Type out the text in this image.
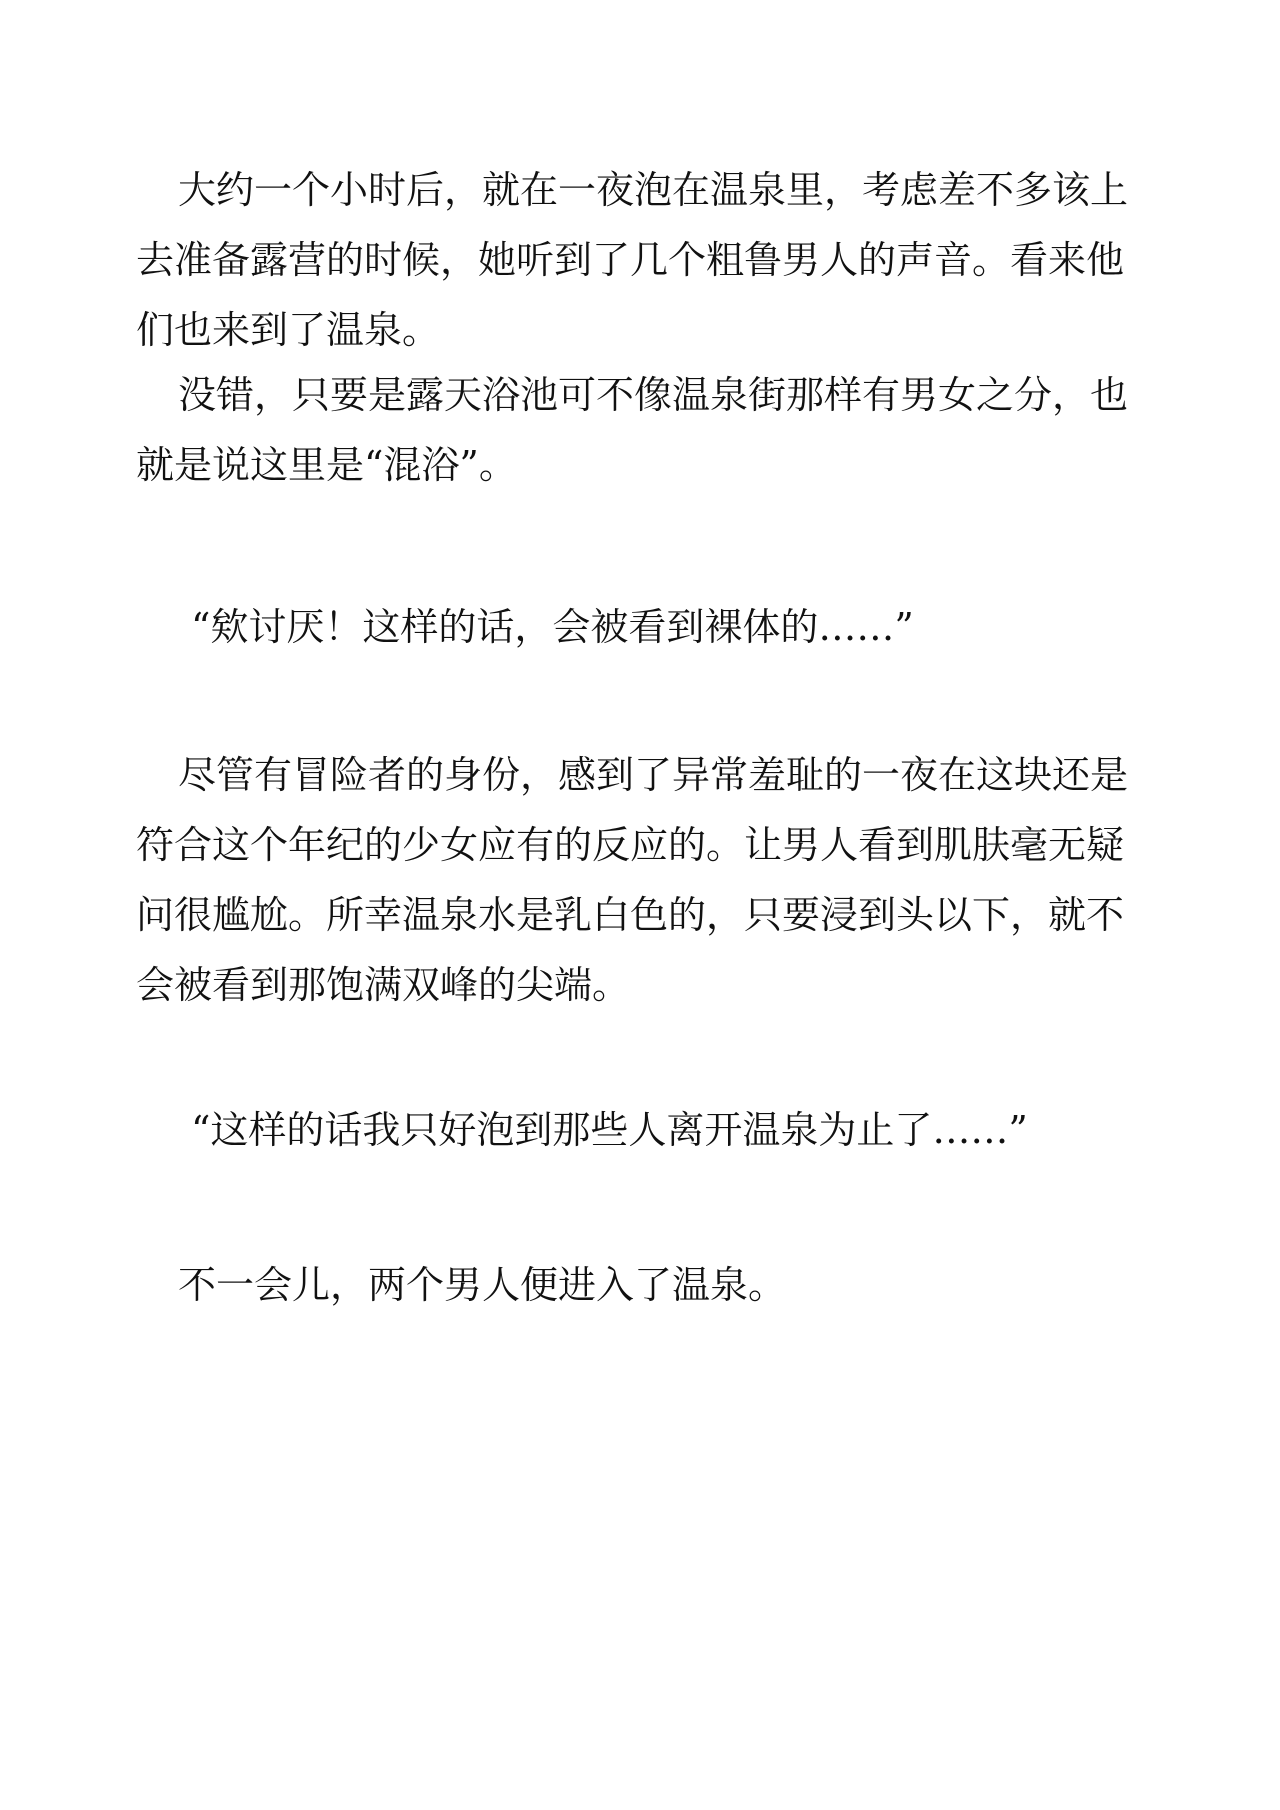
大约一个小时后，就在一夜泡在温泉里，考虑差不多该上去准备露营的时候，她听到了几个粗鲁男人的声音。看来他们也来到了温泉。

没错，只要是露天浴池可不像温泉街那样有男女之分，也就是说这里是“混浴”。

“欸讨厌！这样的话，会被看到裸体的……”

尽管有冒险者的身份，感到了异常羞耻的一夜在这块还是符合这个年纪的少女应有的反应的。让男人看到肌肤毫无疑问很尴尬。所幸温泉水是乳白色的，只要浸到头以下，就不会被看到那饱满双峰的尖端。

“这样的话我只好泡到那些人离开温泉为止了……”

不一会儿，两个男人便进入了温泉。
